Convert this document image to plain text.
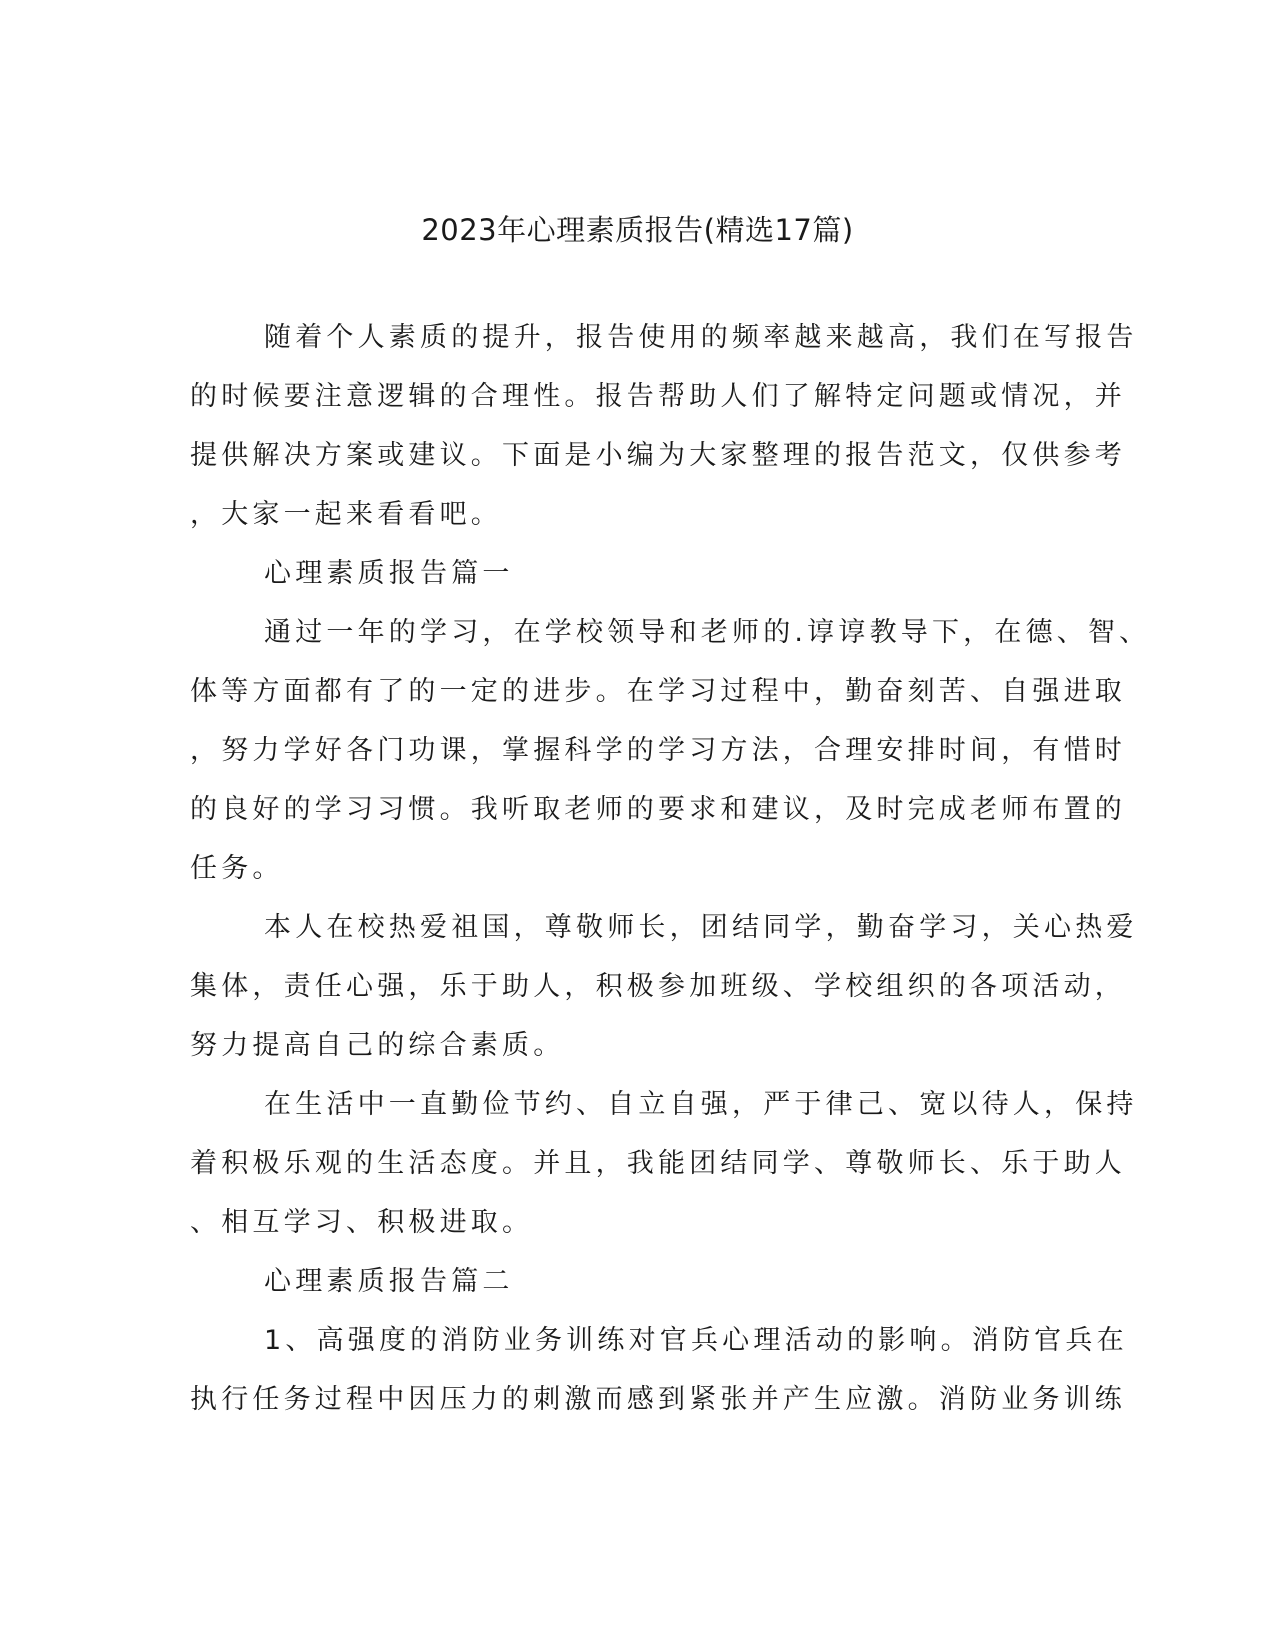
2023年心理素质报告(精选17篇)
随着个人素质的提升，报告使用的频率越来越高，我们在写报告
的时候要注意逻辑的合理性。报告帮助人们了解特定问题或情况，并
提供解决方案或建议。下面是小编为大家整理的报告范文，仅供参考
，大家一起来看看吧。
心理素质报告篇一
通过一年的学习，在学校领导和老师的.谆谆教导下，在德、智、
体等方面都有了的一定的进步。在学习过程中，勤奋刻苦、自强进取
，努力学好各门功课，掌握科学的学习方法，合理安排时间，有惜时
的良好的学习习惯。我听取老师的要求和建议，及时完成老师布置的
任务。
本人在校热爱祖国，尊敬师长，团结同学，勤奋学习，关心热爱
集体，责任心强，乐于助人，积极参加班级、学校组织的各项活动，
努力提高自己的综合素质。
在生活中一直勤俭节约、自立自强，严于律己、宽以待人，保持
着积极乐观的生活态度。并且，我能团结同学、尊敬师长、乐于助人
、相互学习、积极进取。
心理素质报告篇二
1、高强度的消防业务训练对官兵心理活动的影响。消防官兵在
执行任务过程中因压力的刺激而感到紧张并产生应激。消防业务训练
